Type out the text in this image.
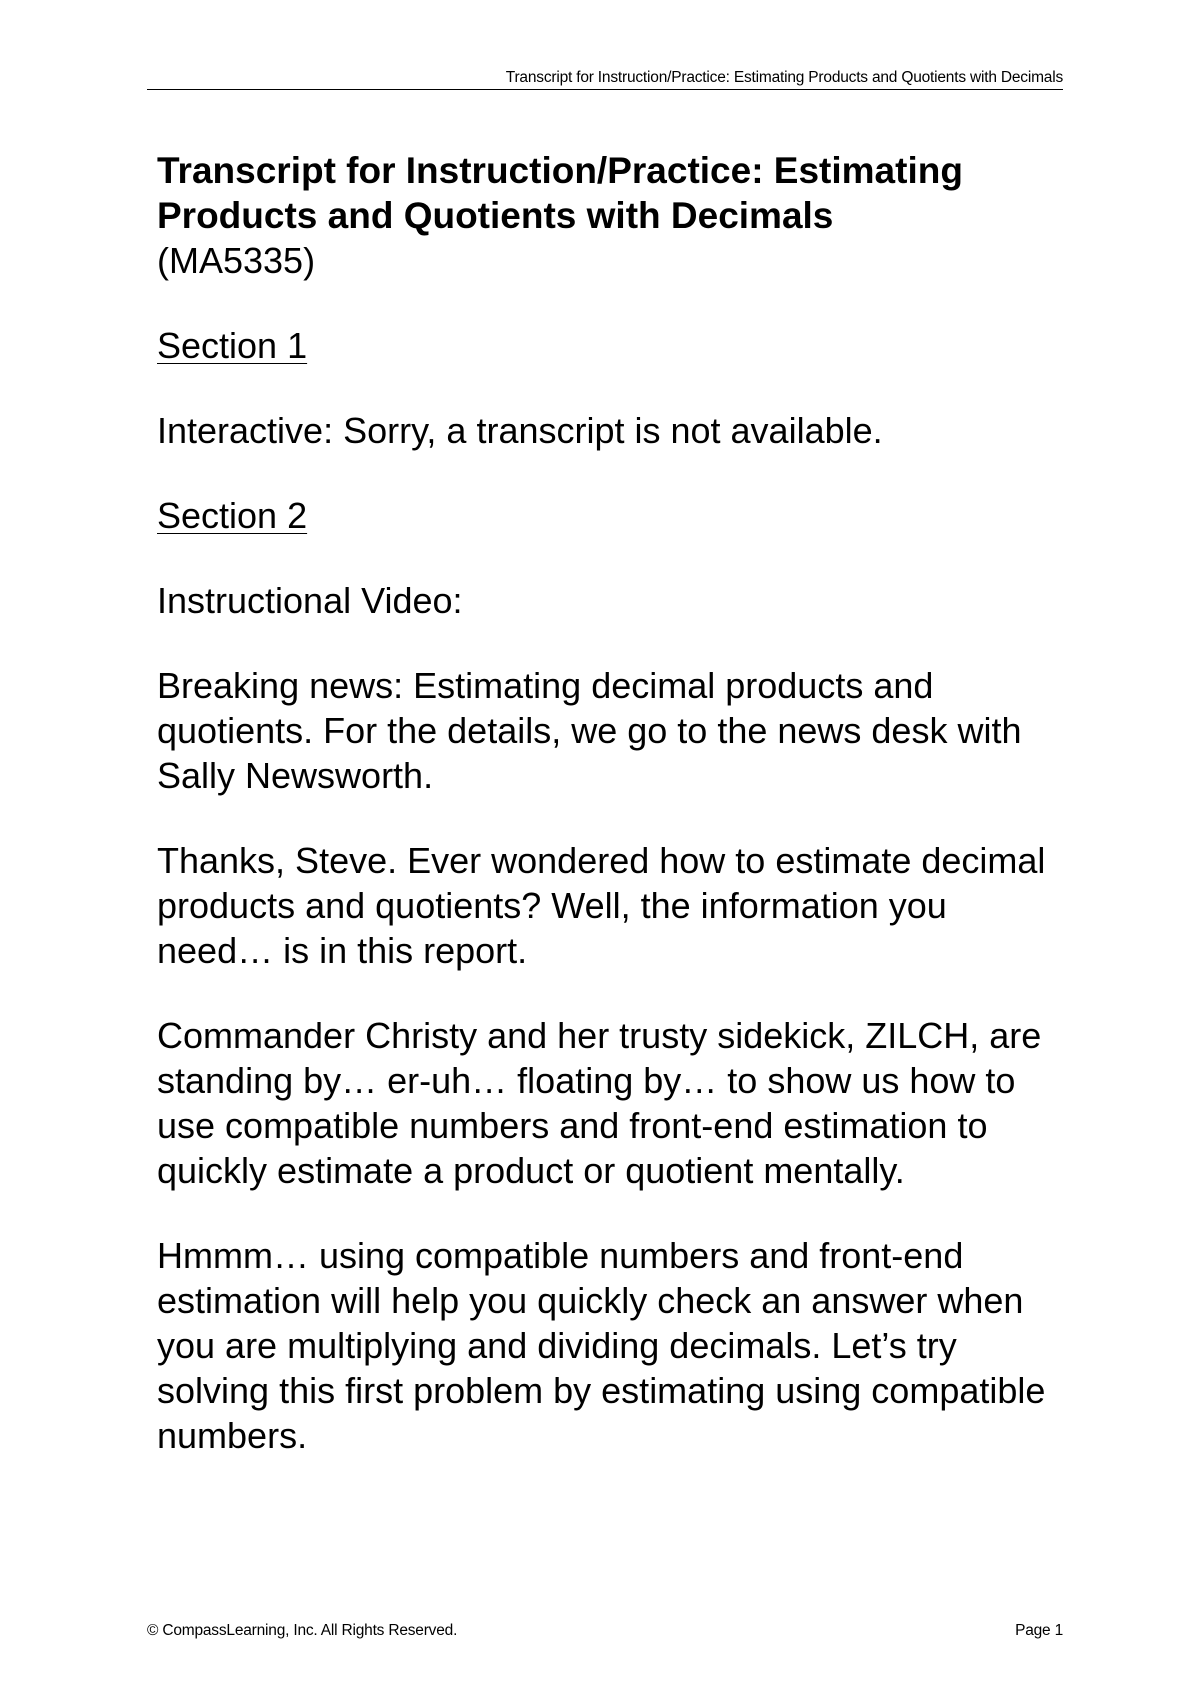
Transcript for Instruction/Practice: Estimating Products and Quotients with Decimals
Transcript for Instruction/Practice: Estimating
Products and Quotients with Decimals

(MA5335)

Section 1

Interactive: Sorry, a transcript is not available.

Section 2

Instructional Video:

Breaking news: Estimating decimal products and quotients. For the details, we go to the news desk with Sally Newsworth.

Thanks, Steve. Ever wondered how to estimate decimal products and quotients? Well, the information you need… is in this report.

Commander Christy and her trusty sidekick, ZILCH, are standing by… er-uh… floating by… to show us how to use compatible numbers and front-end estimation to quickly estimate a product or quotient mentally.

Hmmm… using compatible numbers and front-end estimation will help you quickly check an answer when you are multiplying and dividing decimals. Let’s try solving this first problem by estimating using compatible numbers.

© CompassLearning, Inc. All Rights Reserved.	Page 1
